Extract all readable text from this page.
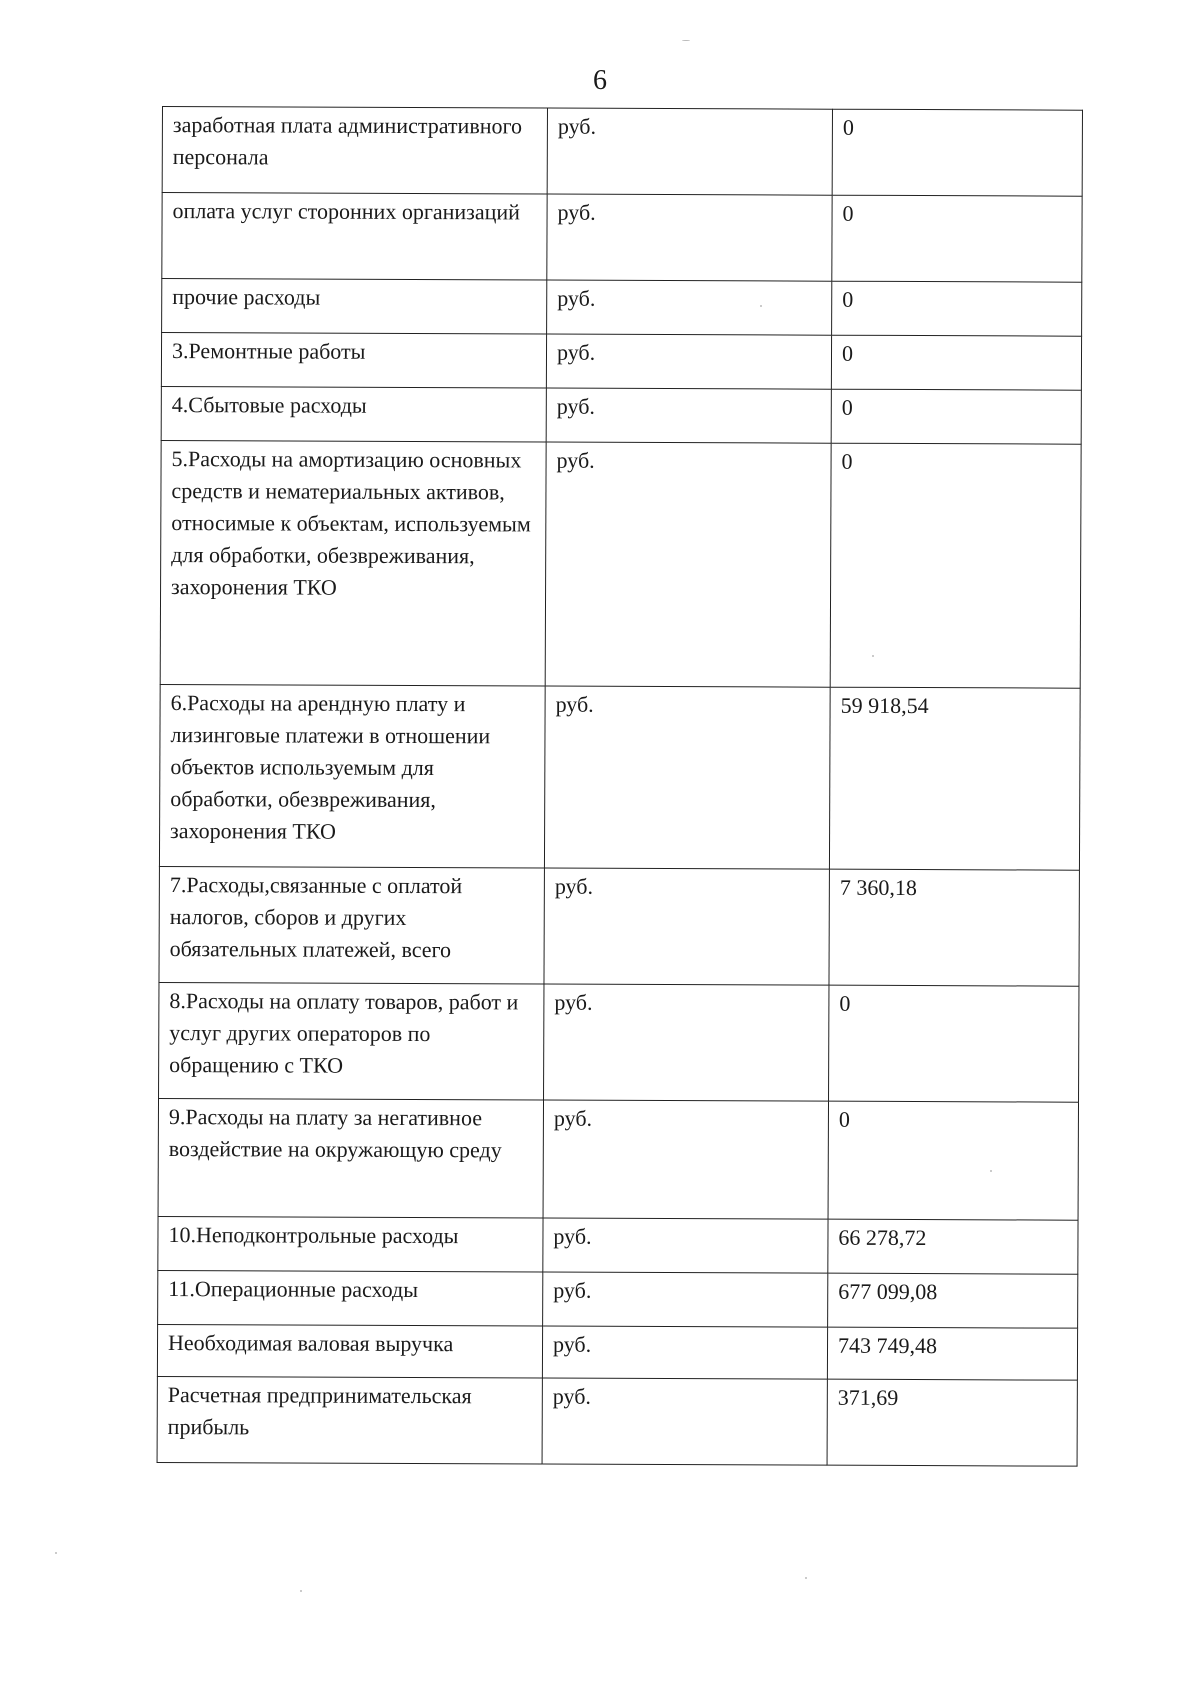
6
заработная плата административного персонала	руб.	0
оплата услуг сторонних организаций	руб.	0
прочие расходы	руб.	0
3.Ремонтные работы	руб.	0
4.Сбытовые расходы	руб.	0
5.Расходы на амортизацию основных средств и нематериальных активов, относимые к объектам, используемым для обработки, обезвреживания, захоронения ТКО	руб.	0
6.Расходы на арендную плату и лизинговые платежи в отношении объектов используемым для обработки, обезвреживания, захоронения ТКО	руб.	59 918,54
7.Расходы,связанные с оплатой налогов, сборов и других обязательных платежей, всего	руб.	7 360,18
8.Расходы на оплату товаров, работ и услуг других операторов по обращению с ТКО	руб.	0
9.Расходы на плату за негативное воздействие на окружающую среду	руб.	0
10.Неподконтрольные расходы	руб.	66 278,72
11.Операционные расходы	руб.	677 099,08
Необходимая валовая выручка	руб.	743 749,48
Расчетная предпринимательская прибыль	руб.	371,69
